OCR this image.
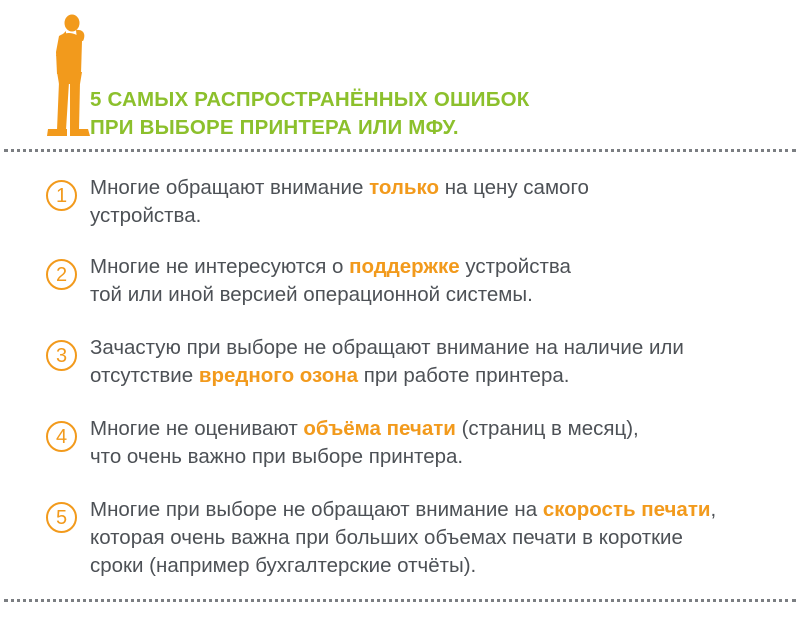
5 САМЫХ РАСПРОСТРАНЁННЫХ ОШИБОК
ПРИ ВЫБОРЕ ПРИНТЕРА ИЛИ МФУ.
1	Многие обращают внимание только на цену самого
устройства.
2	Многие не интересуются о поддержке устройства
той или иной версией операционной системы.
3	Зачастую при выборе не обращают внимание на наличие или
отсутствие вредного озона при работе принтера.
4	Многие не оценивают объёма печати (страниц в месяц),
что очень важно при выборе принтера.
5	Многие при выборе не обращают внимание на скорость печати,
которая очень важна при больших объемах печати в короткие
сроки (например бухгалтерские отчёты).
